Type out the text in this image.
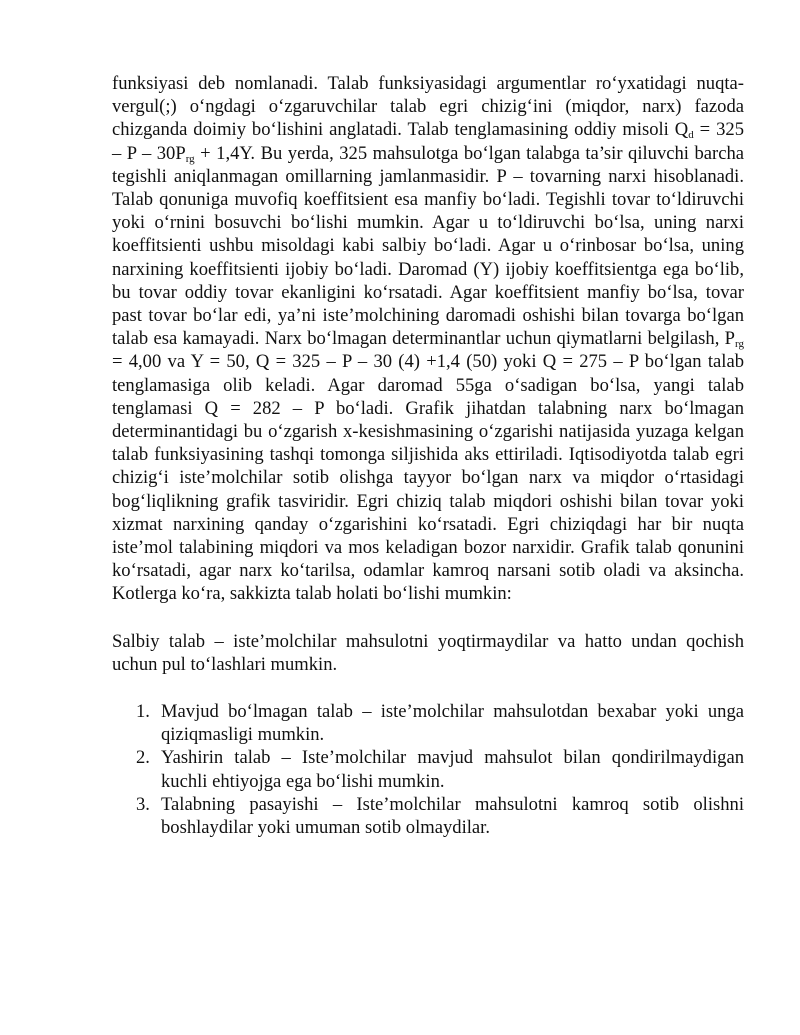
funksiyasi deb nomlanadi. Talab funksiyasidagi argumentlar ro‘yxatidagi nuqta-vergul(;) o‘ngdagi o‘zgaruvchilar talab egri chizig‘ini (miqdor, narx) fazoda chizganda doimiy bo‘lishini anglatadi. Talab tenglamasining oddiy misoli $Q_d = 325 - P - 30P_{rg} + 1,4Y$. Bu yerda, 325 mahsulotga bo‘lgan talabga ta’sir qiluvchi barcha tegishli aniqlanmagan omillarning jamlanmasidir. P – tovarning narxi hisoblanadi. Talab qonuniga muvofiq koeffitsient esa manfiy bo‘ladi. Tegishli tovar to‘ldiruvchi yoki o‘rnini bosuvchi bo‘lishi mumkin. Agar u to‘ldiruvchi bo‘lsa, uning narxi koeffitsienti ushbu misoldagi kabi salbiy bo‘ladi. Agar u o‘rinbosar bo‘lsa, uning narxining koeffitsienti ijobiy bo‘ladi. Daromad (Y) ijobiy koeffitsientga ega bo‘lib, bu tovar oddiy tovar ekanligini ko‘rsatadi. Agar koeffitsient manfiy bo‘lsa, tovar past tovar bo‘lar edi, ya’ni iste’molchining daromadi oshishi bilan tovarga bo‘lgan talab esa kamayadi. Narx bo‘lmagan determinantlar uchun qiymatlarni belgilash, $P_{rg} = 4,00$ va Y = 50, Q = 325 – P – 30 (4) +1,4 (50) yoki Q = 275 – P bo‘lgan talab tenglamasiga olib keladi. Agar daromad 55ga o‘sadigan bo‘lsa, yangi talab tenglamasi Q = 282 – P bo‘ladi. Grafik jihatdan talabning narx bo‘lmagan determinantidagi bu o‘zgarish x-kesishmasining o‘zgarishi natijasida yuzaga kelgan talab funksiyasining tashqi tomonga siljishida aks ettiriladi. Iqtisodiyotda talab egri chizig‘i iste’molchilar sotib olishga tayyor bo‘lgan narx va miqdor o‘rtasidagi bog‘liqlikning grafik tasviridir. Egri chiziq talab miqdori oshishi bilan tovar yoki xizmat narxining qanday o‘zgarishini ko‘rsatadi. Egri chiziqdagi har bir nuqta iste’mol talabining miqdori va mos keladigan bozor narxidir. Grafik talab qonunini ko‘rsatadi, agar narx ko‘tarilsa, odamlar kamroq narsani sotib oladi va aksincha. Kotlerga ko‘ra, sakkizta talab holati bo‘lishi mumkin:

Salbiy talab – iste’molchilar mahsulotni yoqtirmaydilar va hatto undan qochish uchun pul to‘lashlari mumkin.

1. Mavjud bo‘lmagan talab – iste’molchilar mahsulotdan bexabar yoki unga qiziqmasligi mumkin.
2. Yashirin talab – Iste’molchilar mavjud mahsulot bilan qondirilmaydigan kuchli ehtiyojga ega bo‘lishi mumkin.
3. Talabning pasayishi – Iste’molchilar mahsulotni kamroq sotib olishni boshlaydilar yoki umuman sotib olmaydilar.
